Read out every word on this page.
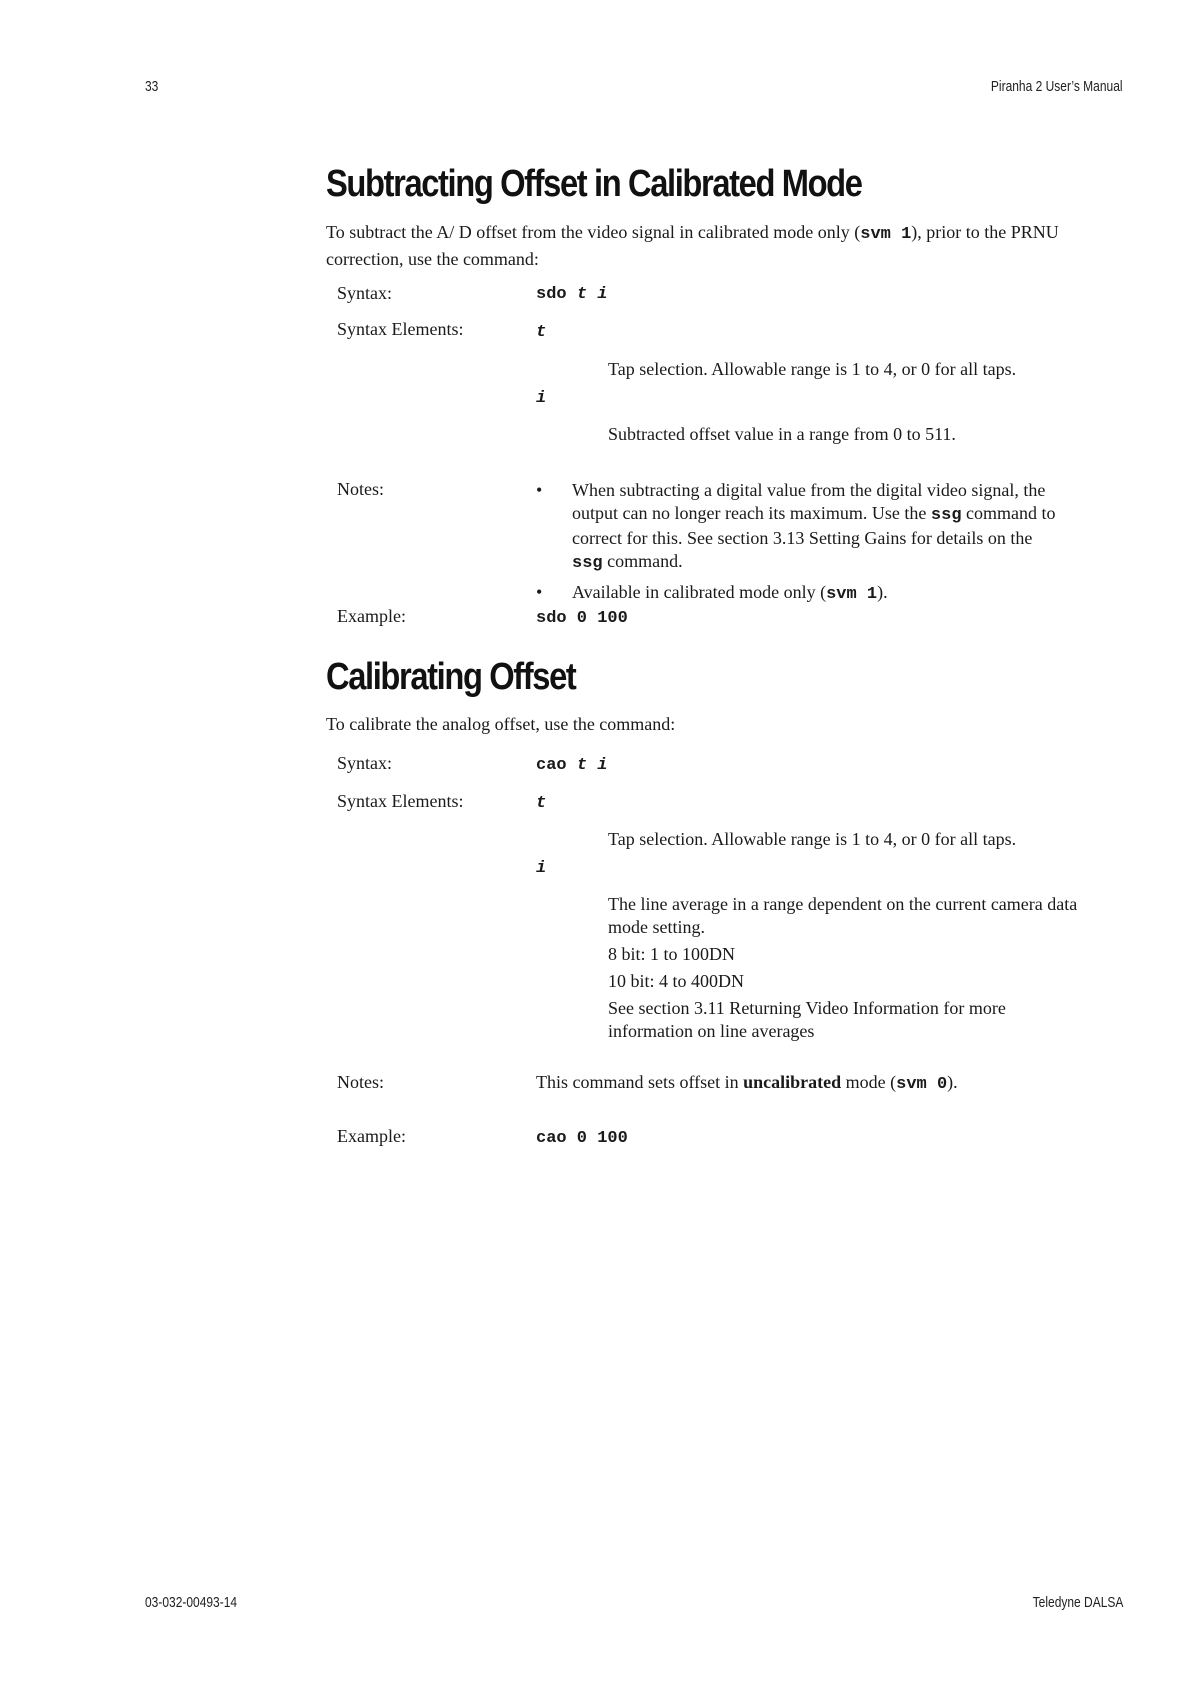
33	Piranha 2 User’s Manual
Subtracting Offset in Calibrated Mode

To subtract the A/ D offset from the video signal in calibrated mode only (svm 1), prior to the PRNU correction, use the command:

Syntax:	sdo t i
Syntax Elements:	t
Tap selection. Allowable range is 1 to 4, or 0 for all taps.
i
Subtracted offset value in a range from 0 to 511.
Notes:	• When subtracting a digital value from the digital video signal, the output can no longer reach its maximum. Use the ssg command to correct for this. See section 3.13 Setting Gains for details on the ssg command.
• Available in calibrated mode only (svm 1).
Example:	sdo 0 100
Calibrating Offset

To calibrate the analog offset, use the command:

Syntax:	cao t i
Syntax Elements:	t
Tap selection. Allowable range is 1 to 4, or 0 for all taps.
i

The line average in a range dependent on the current camera data mode setting.

8 bit: 1 to 100DN

10 bit: 4 to 400DN

See section 3.11 Returning Video Information for more information on line averages

Notes:	This command sets offset in uncalibrated mode (svm 0).
Example:	cao 0 100
03-032-00493-14	Teledyne DALSA
